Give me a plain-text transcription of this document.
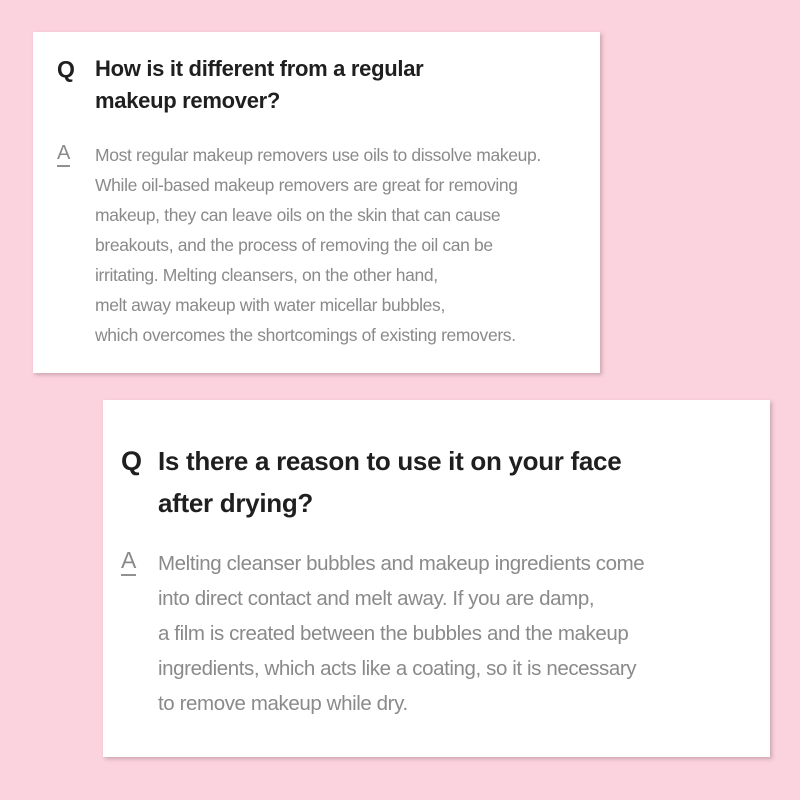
Q How is it different from a regular
makeup remover?
A	Most regular makeup removers use oils to dissolve makeup.
While oil-based makeup removers are great for removing
makeup, they can leave oils on the skin that can cause
breakouts, and the process of removing the oil can be
irritating. Melting cleansers, on the other hand,
melt away makeup with water micellar bubbles,
which overcomes the shortcomings of existing removers.

Q Is there a reason to use it on your face
after drying?
A	Melting cleanser bubbles and makeup ingredients come
into direct contact and melt away. If you are damp,
a film is created between the bubbles and the makeup
ingredients, which acts like a coating, so it is necessary
to remove makeup while dry.
